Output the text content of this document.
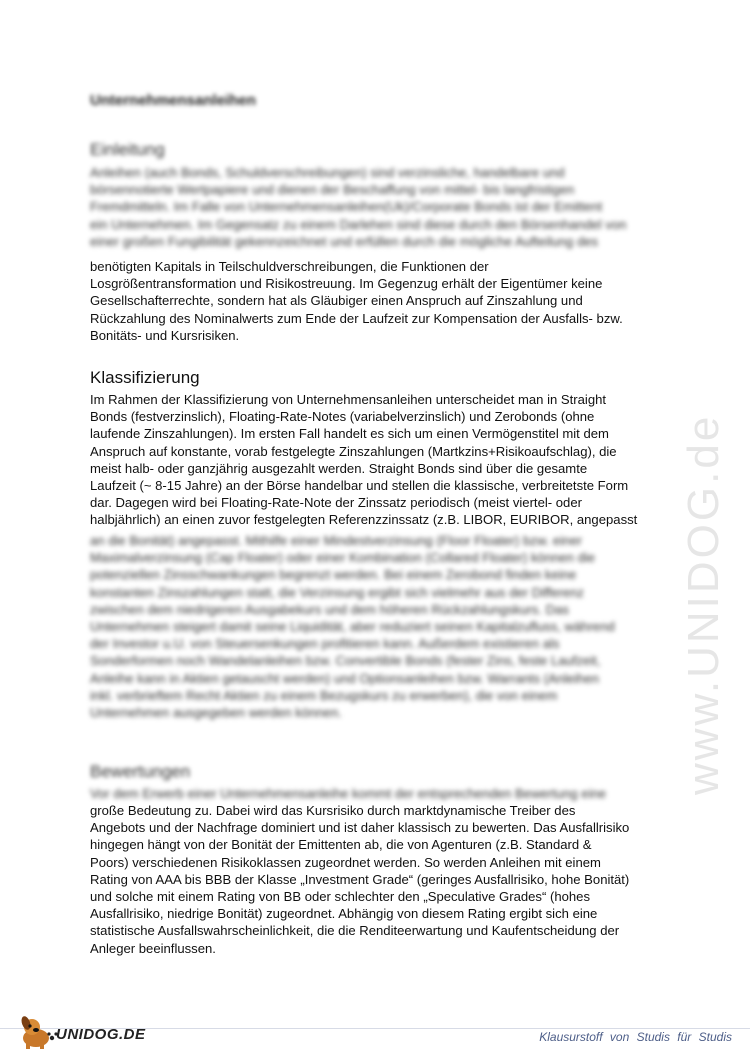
Unternehmensanleihen
Einleitung
Anleihen (auch Bonds, Schuldverschreibungen) sind verzinsliche, handelbare und
börsennotierte Wertpapiere und dienen der Beschaffung von mittel- bis langfristigen
Fremdmitteln. Im Falle von Unternehmensanleihen(Uk)/Corporate Bonds ist der Emittent
ein Unternehmen. Im Gegensatz zu einem Darlehen sind diese durch den Börsenhandel von
einer großen Fungibilität gekennzeichnet und erfüllen durch die mögliche Aufteilung des
benötigten Kapitals in Teilschuldverschreibungen, die Funktionen der
Losgrößentransformation und Risikostreuung. Im Gegenzug erhält der Eigentümer keine
Gesellschafterrechte, sondern hat als Gläubiger einen Anspruch auf Zinszahlung und
Rückzahlung des Nominalwerts zum Ende der Laufzeit zur Kompensation der Ausfalls- bzw.
Bonitäts- und Kursrisiken.
Klassifizierung
Im Rahmen der Klassifizierung von Unternehmensanleihen unterscheidet man in Straight
Bonds (festverzinslich), Floating-Rate-Notes (variabelverzinslich) und Zerobonds (ohne
laufende Zinszahlungen). Im ersten Fall handelt es sich um einen Vermögenstitel mit dem
Anspruch auf konstante, vorab festgelegte Zinszahlungen (Martkzins+Risikoaufschlag), die
meist halb- oder ganzjährig ausgezahlt werden. Straight Bonds sind über die gesamte
Laufzeit (~ 8-15 Jahre) an der Börse handelbar und stellen die klassische, verbreitetste Form
dar. Dagegen wird bei Floating-Rate-Note der Zinssatz periodisch (meist viertel- oder
halbjährlich) an einen zuvor festgelegten Referenzzinssatz (z.B. LIBOR, EURIBOR, angepasst
an die Bonität) angepasst. Mithilfe einer Mindestverzinsung (Floor Floater) bzw. einer
Maximalverzinsung (Cap Floater) oder einer Kombination (Collared Floater) können die
potenziellen Zinsschwankungen begrenzt werden. Bei einem Zerobond finden keine
konstanten Zinszahlungen statt, die Verzinsung ergibt sich vielmehr aus der Differenz
zwischen dem niedrigeren Ausgabekurs und dem höheren Rückzahlungskurs. Das
Unternehmen steigert damit seine Liquidität, aber reduziert seinen Kapitalzufluss, während
der Investor u.U. von Steuersenkungen profitieren kann. Außerdem existieren als
Sonderformen noch Wandelanleihen bzw. Convertible Bonds (fester Zins, feste Laufzeit,
Anleihe kann in Aktien getauscht werden) und Optionsanleihen bzw. Warrants (Anleihen
inkl. verbrieftem Recht Aktien zu einem Bezugskurs zu erwerben), die von einem
Unternehmen ausgegeben werden können.
Bewertungen
Vor dem Erwerb einer Unternehmensanleihe kommt der entsprechenden Bewertung eine
große Bedeutung zu. Dabei wird das Kursrisiko durch marktdynamische Treiber des
Angebots und der Nachfrage dominiert und ist daher klassisch zu bewerten. Das Ausfallrisiko
hingegen hängt von der Bonität der Emittenten ab, die von Agenturen (z.B. Standard &
Poors) verschiedenen Risikoklassen zugeordnet werden. So werden Anleihen mit einem
Rating von AAA bis BBB der Klasse „Investment Grade“ (geringes Ausfallrisiko, hohe Bonität)
und solche mit einem Rating von BB oder schlechter den „Speculative Grades“ (hohes
Ausfallrisiko, niedrige Bonität) zugeordnet. Abhängig von diesem Rating ergibt sich eine
statistische Ausfallswahrscheinlichkeit, die die Renditeerwartung und Kaufentscheidung der
Anleger beeinflussen.
www.UNIDOG.de
UNIDOG.DE	Klausurstoff von Studis für Studis
